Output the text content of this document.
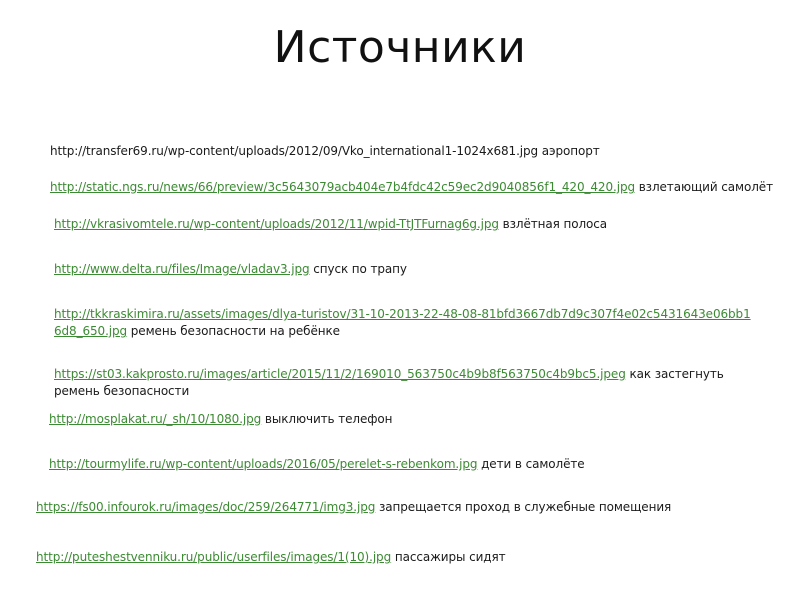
Источники
http://transfer69.ru/wp-content/uploads/2012/09/Vko_international1-1024x681.jpg аэропорт
http://static.ngs.ru/news/66/preview/3c5643079acb404e7b4fdc42c59ec2d9040856f1_420_420.jpg взлетающий самолёт
http://vkrasivomtele.ru/wp-content/uploads/2012/11/wpid-TtJTFurnag6g.jpg взлётная полоса
http://www.delta.ru/files/Image/vladav3.jpg спуск по трапу
http://tkkraskimira.ru/assets/images/dlya-turistov/31-10-2013-22-48-08-81bfd3667db7d9c307f4e02c5431643e06bb16d8_650.jpg ремень безопасности на ребёнке
https://st03.kakprosto.ru/images/article/2015/11/2/169010_563750c4b9b8f563750c4b9bc5.jpeg как застегнуть ремень безопасности
http://mosplakat.ru/_sh/10/1080.jpg выключить телефон
http://tourmylife.ru/wp-content/uploads/2016/05/perelet-s-rebenkom.jpg дети в самолёте
https://fs00.infourok.ru/images/doc/259/264771/img3.jpg запрещается проход в служебные помещения
http://puteshestvenniku.ru/public/userfiles/images/1(10).jpg пассажиры сидят
